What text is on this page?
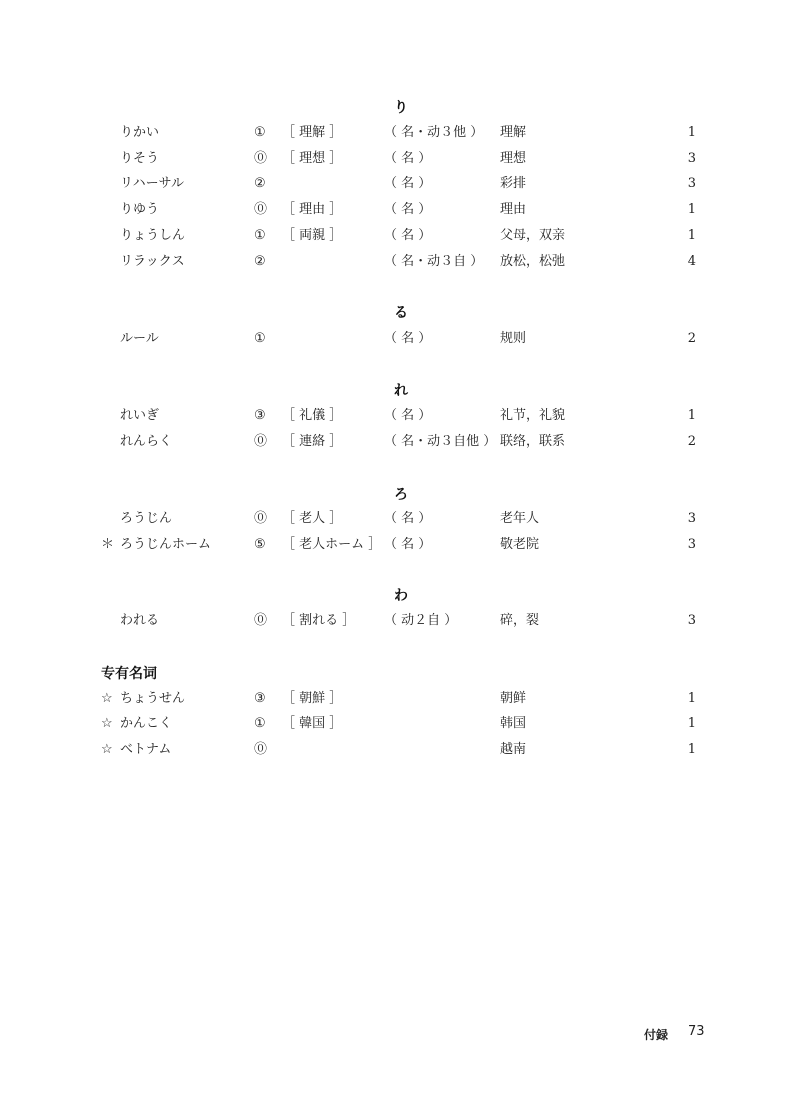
り
りかい	① ［ 理解 ］	（ 名・动３他 ） 理解	1
りそう	⓪ ［ 理想 ］	（ 名 ）	理想	3
リハーサル	②	（ 名 ）	彩排	3
りゆう	⓪ ［ 理由 ］	（ 名 ）	理由	1
りょうしん	① ［ 両親 ］	（ 名 ）	父母，双亲	1
リラックス	②	（ 名・动３自 ） 放松，松弛	4
る
ルール	①	（ 名 ）	规则	2
れ
れいぎ	③ ［ 礼儀 ］	（ 名 ）	礼节，礼貌	1
れんらく	⓪ ［ 連絡 ］	（ 名・动３自他 ） 联络，联系	2
ろ
ろうじん	⓪ ［ 老人 ］	（ 名 ）	老年人	3
＊ ろうじんホーム	⑤ ［ 老人ホーム ］ （ 名 ）	敬老院	3
わ
われる	⓪ ［ 割れる ］ （ 动２自 ）	碎，裂	3
专有名词
☆ ちょうせん	③ ［ 朝鮮 ］	朝鲜	1
☆ かんこく	① ［ 韓国 ］	韩国	1
☆ ベトナム	⓪	越南	1
付録 73
